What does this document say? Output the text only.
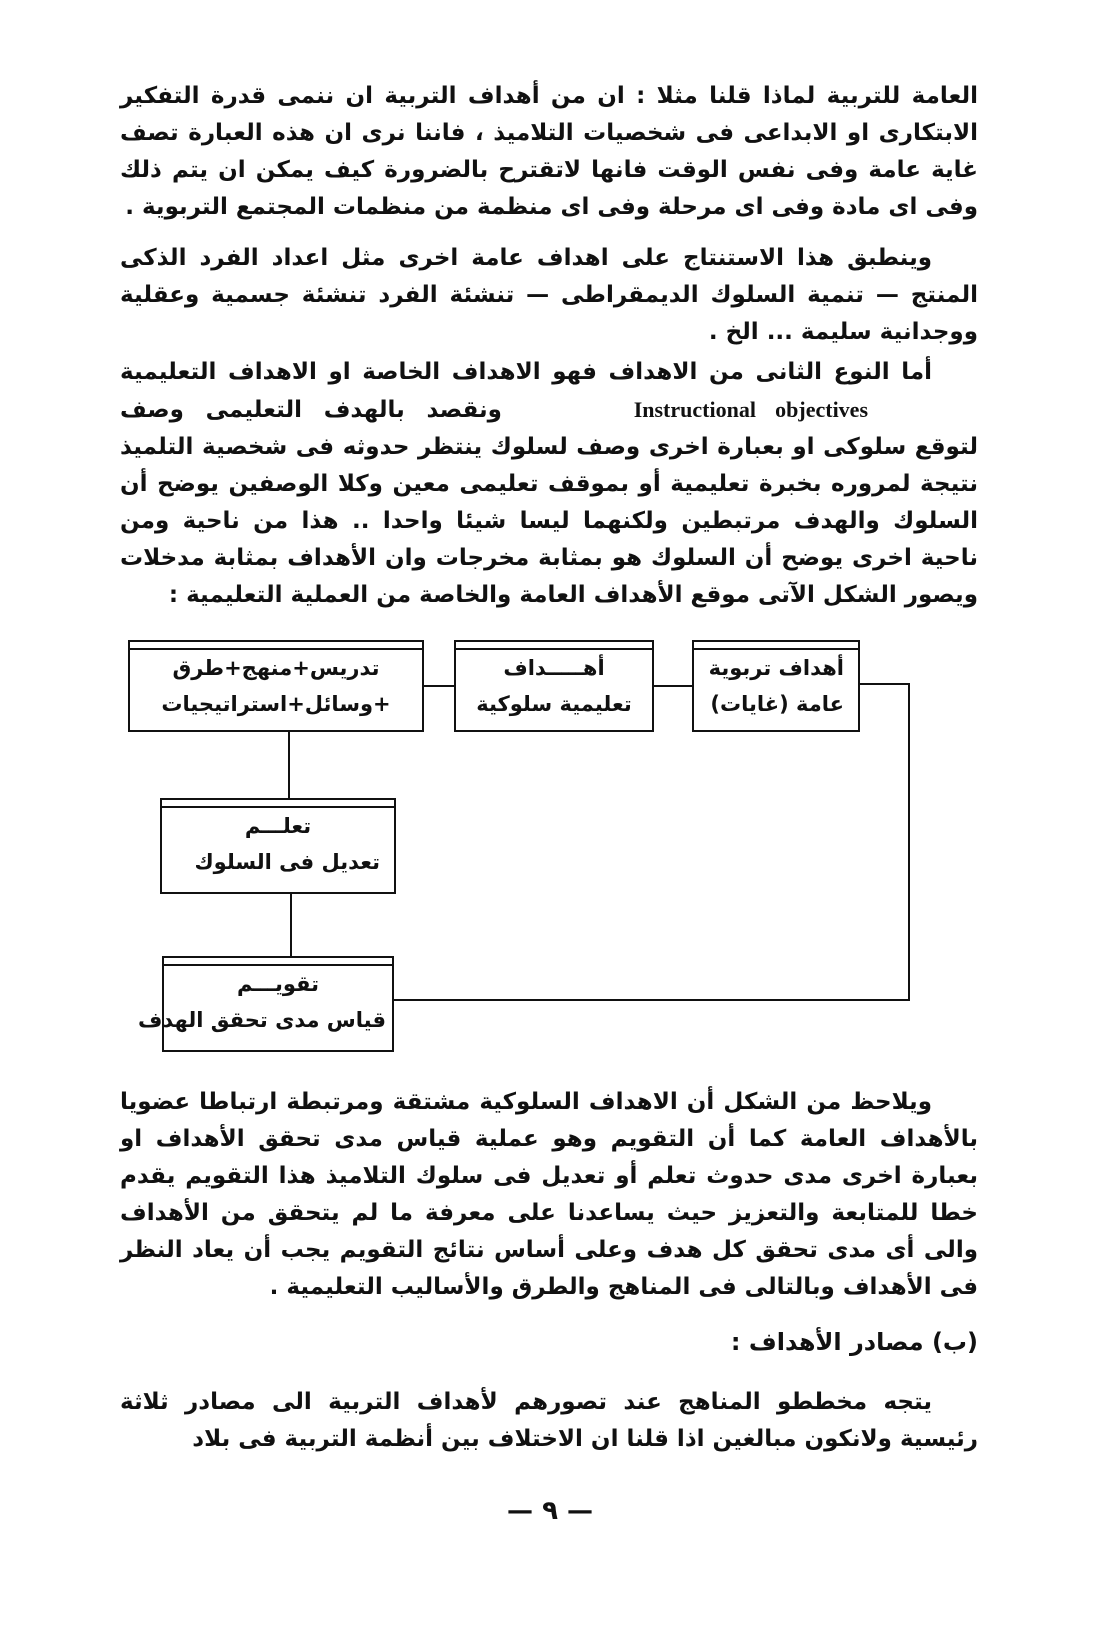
العامة للتربية لماذا قلنا مثلا : ان من أهداف التربية ان ننمى قدرة التفكير الابتكارى او الابداعى فى شخصيات التلاميذ ، فاننا نرى ان هذه العبارة تصف غاية عامة وفى نفس الوقت فانها لاتقترح بالضرورة كيف يمكن ان يتم ذلك وفى اى مادة وفى اى مرحلة وفى اى منظمة من منظمات المجتمع التربوية .

وينطبق هذا الاستنتاج على اهداف عامة اخرى مثل اعداد الفرد الذكى المنتج — تنمية السلوك الديمقراطى — تنشئة الفرد تنشئة جسمية وعقلية ووجدانية سليمة ... الخ .

أما النوع الثانى من الاهداف فهو الاهداف الخاصة او الاهداف التعليمية Instructional objectives ونقصد بالهدف التعليمى وصف لتوقع سلوكى او بعبارة اخرى وصف لسلوك ينتظر حدوثه فى شخصية التلميذ نتيجة لمروره بخبرة تعليمية أو بموقف تعليمى معين وكلا الوصفين يوضح أن السلوك والهدف مرتبطين ولكنهما ليسا شيئا واحدا .. هذا من ناحية ومن ناحية اخرى يوضح أن السلوك هو بمثابة مخرجات وان الأهداف بمثابة مدخلات ويصور الشكل الآتى موقع الأهداف العامة والخاصة من العملية التعليمية :

أهداف تربوية
عامة (غايات)
أهـــــداف
تعليمية سلوكية
تدريس+منهج+طرق
+وسائل+استراتيجيات
تعلـــم
تعديل فى السلوك
تقويـــم
قياس مدى تحقق الهدف

ويلاحظ من الشكل أن الاهداف السلوكية مشتقة ومرتبطة ارتباطا عضويا بالأهداف العامة كما أن التقويم وهو عملية قياس مدى تحقق الأهداف او بعبارة اخرى مدى حدوث تعلم أو تعديل فى سلوك التلاميذ هذا التقويم يقدم خطا للمتابعة والتعزيز حيث يساعدنا على معرفة ما لم يتحقق من الأهداف والى أى مدى تحقق كل هدف وعلى أساس نتائج التقويم يجب أن يعاد النظر فى الأهداف وبالتالى فى المناهج والطرق والأساليب التعليمية .

(ب) مصادر الأهداف :

يتجه مخططو المناهج عند تصورهم لأهداف التربية الى مصادر ثلاثة رئيسية ولانكون مبالغين اذا قلنا ان الاختلاف بين أنظمة التربية فى بلاد

— ٩ —
